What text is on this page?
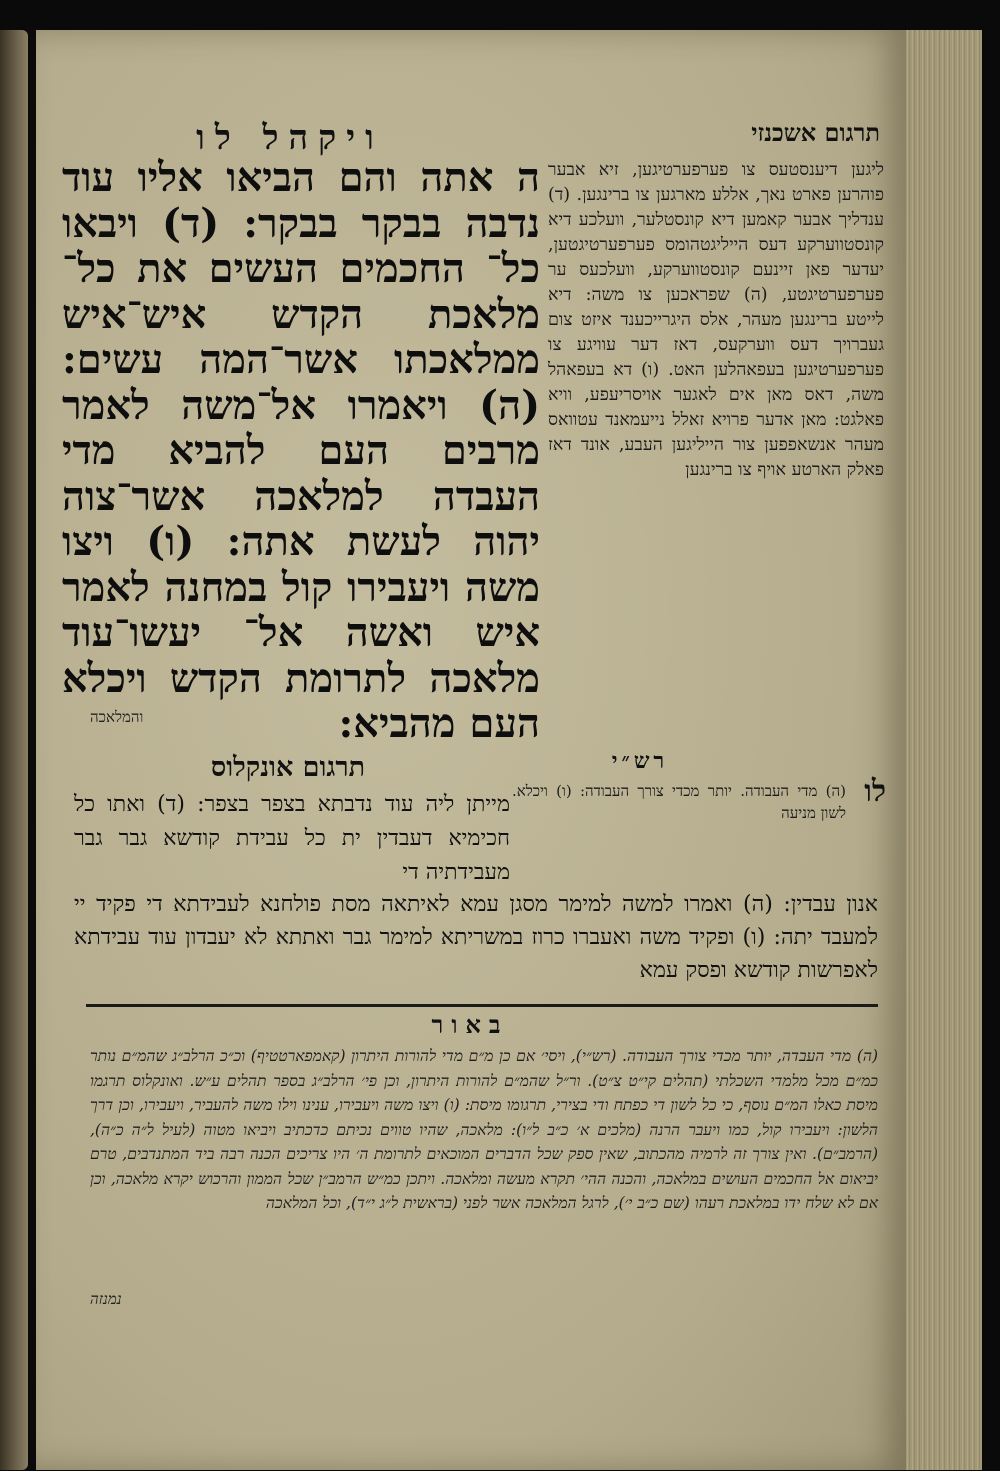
ויקהל לו	תרגום אשכנזי
ה אתה והם הביאו אליו עוד נדבה בבקר בבקר: (ד) ויבאו כל־ החכמים העשים את כל־ מלאכת הקדש איש־איש ממלאכתו אשר־המה עשים: (ה) ויאמרו אל־משה לאמר מרבים העם להביא מדי העבדה למלאכה אשר־צוה יהוה לעשת אתה: (ו) ויצו משה ויעבירו קול במחנה לאמר איש ואשה אל־ יעשו־עוד מלאכה לתרומת הקדש ויכלא העם מהביא:
והמלאכה
ליגען דיענסטעס צו פערפערטיגען, זיא אבער פוהרען פארט נאך, אללע מארגען צו ברינגען. (ד) ענדליך אבער קאמען דיא קונסטלער, וועלכע דיא קונסטווערקע דעס הייליגטהומס פערפערטיגטען, יעדער פאן זיינעם קונסטווערקע, וועלכעס ער פערפערטיגטע, (ה) שפראכען צו משה: דיא לייטע ברינגען מעהר, אלס היגרייכענד איזט צום געברויך דעס ווערקעס, דאז דער עוויגע צו פערפערטיגען בעפאהלען האט. (ו) דא בעפאהל משה, דאס מאן אים לאגער אויסריעפע, וויא פאלגט: מאן אדער פרויא זאלל נייעמאנד עטוואס מעהר אנשאפפען צור הייליגען העבע, אונד דאז פאלק הארטע אויף צו ברינגען
תרגום אונקלוס
מייתן ליה עוד נדבתא בצפר בצפר: (ד) ואתו כל חכימיא דעבדין ית כל עבידת קודשא גבר גבר מעבידתיה די
אנון עבדין: (ה) ואמרו למשה למימר מסגן עמא לאיתאה מסת פולחנא לעבידתא די פקיד יי למעבד יתה: (ו) ופקיד משה ואעברו כרוז במשריתא למימר גבר ואתתא לא יעבדון עוד עבידתא לאפרשות קודשא ופסק עמא
רש״י
לו
(ה) מדי העבודה. יותר מכדי צורך העבודה: (ו) ויכלא. לשון מניעה
באור
(ה) מדי העבדה, יותר מכדי צורך העבודה. (רש״י), ויסי׳ אם כן מ״ם מדי להורות היתרון (קאמפארטטיף) וכ״כ הרלב״ג שהמ״ם נותר כמ״ם מכל מלמדי השכלתי (תהלים קי״ט צ״ט). ור״ל שהמ״ם להורות היתרון, וכן פי׳ הרלב״ג בספר תהלים ע״ש. ואונקלוס תרגמו מיסת כאלו המ״ם נוסף, כי כל לשון די כפתח ודי בצירי, תרגומו מיסת: (ו) ויצו משה ויעבירו, ענינו וילו משה להעביר, ויעבירו, וכן דרך הלשון: ויעבירו קול, כמו ויעבר הרנה (מלכים א׳ כ״ב ל״ו): מלאכה, שהיו טווים נכיתם כדכתיב ויביאו מטוה (לעיל ל״ה כ״ה), (הרמב״ם). ואין צורך זה לרמיה מהכתוב, שאין ספק שכל הדברים המוכאים לתרומת ה׳ היו צריכים הכנה רבה ביד המתנדבים, טרם יביאום אל החכמים העושים במלאכה, והכנה ההי׳ תקרא מעשה ומלאכה. ויתכן כמ״ש הרמב״ן שכל הממון והרכוש יקרא מלאכה, וכן אם לא שלח ידו במלאכת רעהו (שם כ״ב י׳), לרגל המלאכה אשר לפני (בראשית ל״ג י״ד), וכל המלאכה
נמנזה
